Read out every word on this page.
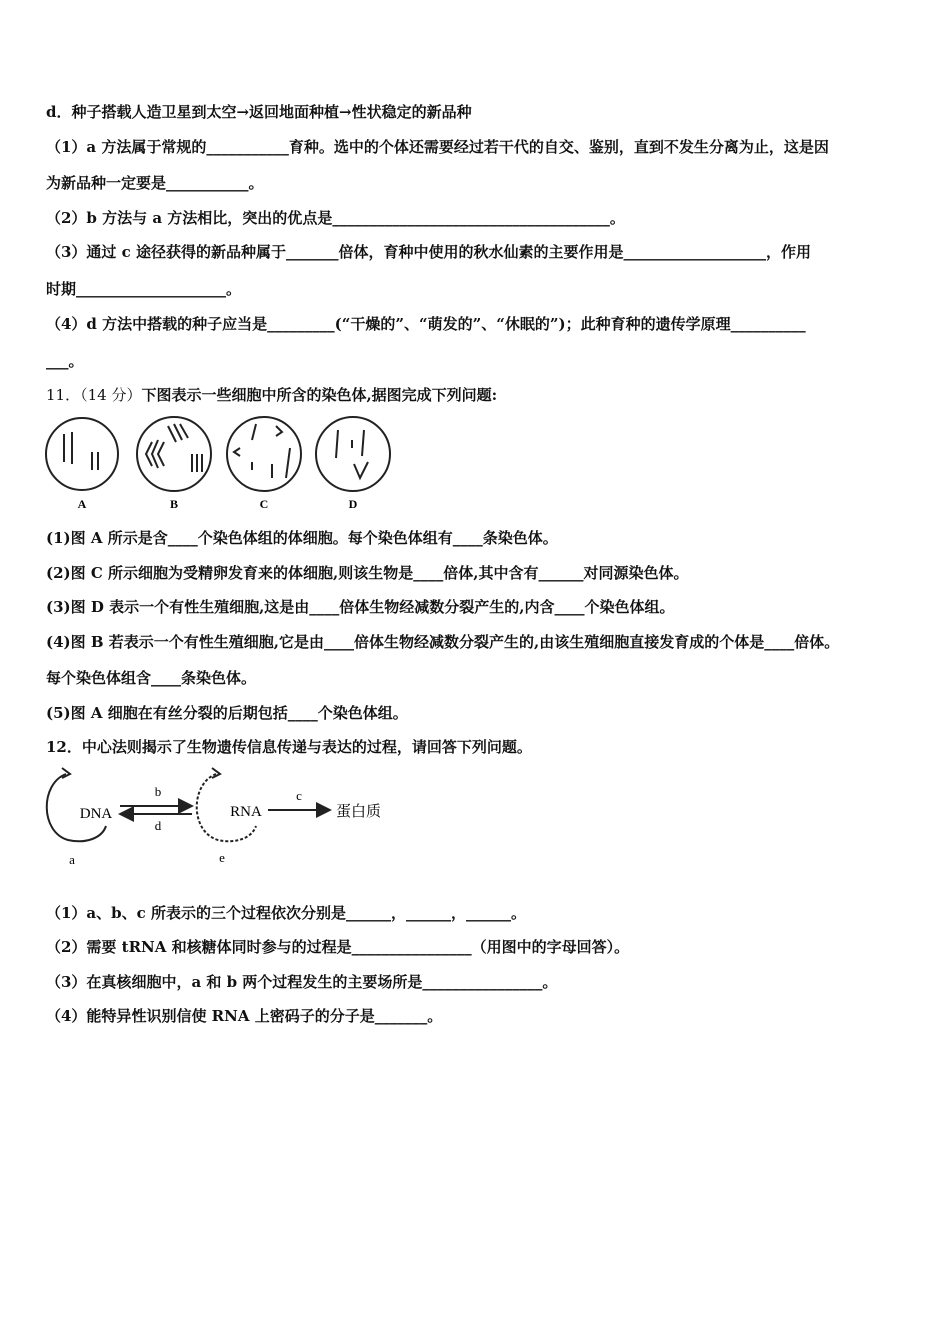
d．种子搭载人造卫星到太空→返回地面种植→性状稳定的新品种
（1）a 方法属于常规的___________育种。选中的个体还需要经过若干代的自交、鉴别，直到不发生分离为止，这是因
为新品种一定要是___________。
（2）b 方法与 a 方法相比，突出的优点是_____________________________________。
（3）通过 c 途径获得的新品种属于_______倍体，育种中使用的秋水仙素的主要作用是___________________，作用
时期____________________。
（4）d 方法中搭载的种子应当是_________(“干燥的”、“萌发的”、“休眠的”)；此种育种的遗传学原理__________
___。
11．（14 分）下图表示一些细胞中所含的染色体,据图完成下列问题:
A	B	C	D
(1)图 A 所示是含____个染色体组的体细胞。每个染色体组有____条染色体。
(2)图 C 所示细胞为受精卵发育来的体细胞,则该生物是____倍体,其中含有______对同源染色体。
(3)图 D 表示一个有性生殖细胞,这是由____倍体生物经减数分裂产生的,内含____个染色体组。
(4)图 B 若表示一个有性生殖细胞,它是由____倍体生物经减数分裂产生的,由该生殖细胞直接发育成的个体是____倍体。
每个染色体组含____条染色体。
(5)图 A 细胞在有丝分裂的后期包括____个染色体组。
12．中心法则揭示了生物遗传信息传递与表达的过程，请回答下列问题。
DNA
a
b
d
RNA
e
c
蛋白质
（1）a、b、c 所表示的三个过程依次分别是______，______，______。
（2）需要 tRNA 和核糖体同时参与的过程是________________（用图中的字母回答）。
（3）在真核细胞中，a 和 b 两个过程发生的主要场所是________________。
（4）能特异性识别信使 RNA 上密码子的分子是_______。
